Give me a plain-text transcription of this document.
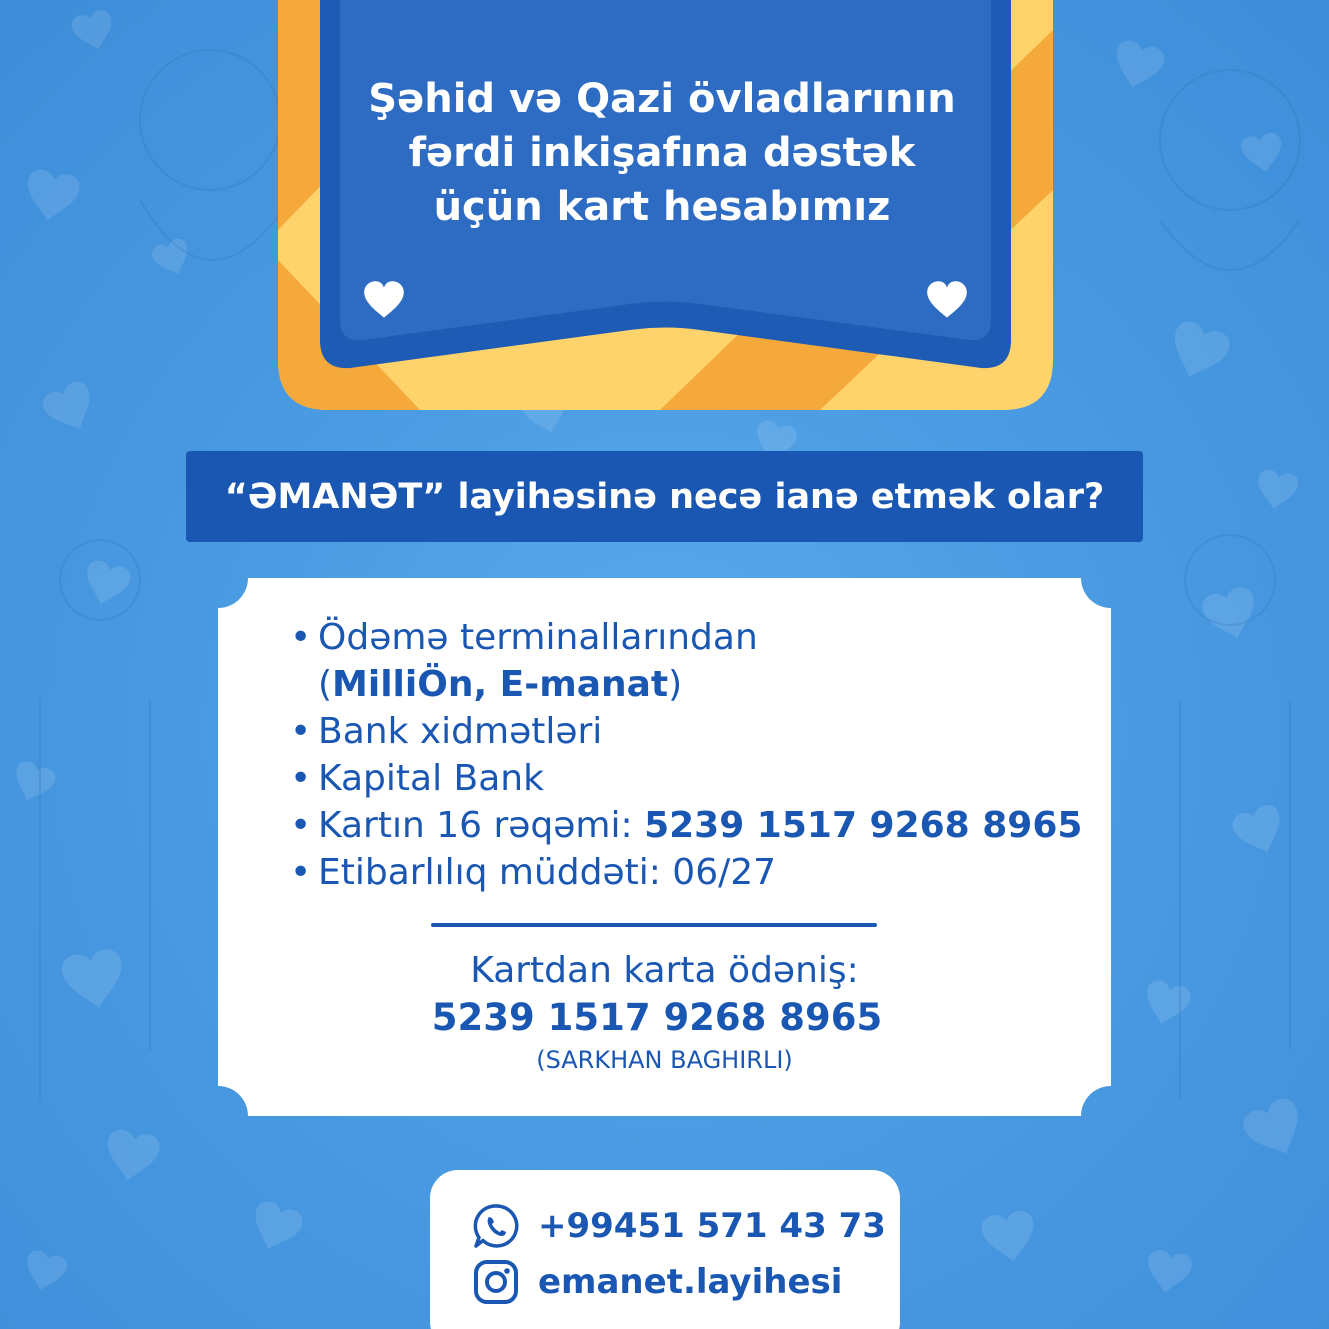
Şəhid və Qazi övladlarının
fərdi inkişafına dəstək
üçün kart hesabımız
“ƏMANƏT” layihəsinə necə ianə etmək olar?
• Ödəmə terminallarından
(MilliÖn, E-manat)
• Bank xidmətləri
• Kapital Bank
• Kartın 16 rəqəmi: 5239 1517 9268 8965
• Etibarlılıq müddəti: 06/27
Kartdan karta ödəniş:
5239 1517 9268 8965
(SARKHAN BAGHIRLI)
+99451 571 43 73
emanet.layihesi
